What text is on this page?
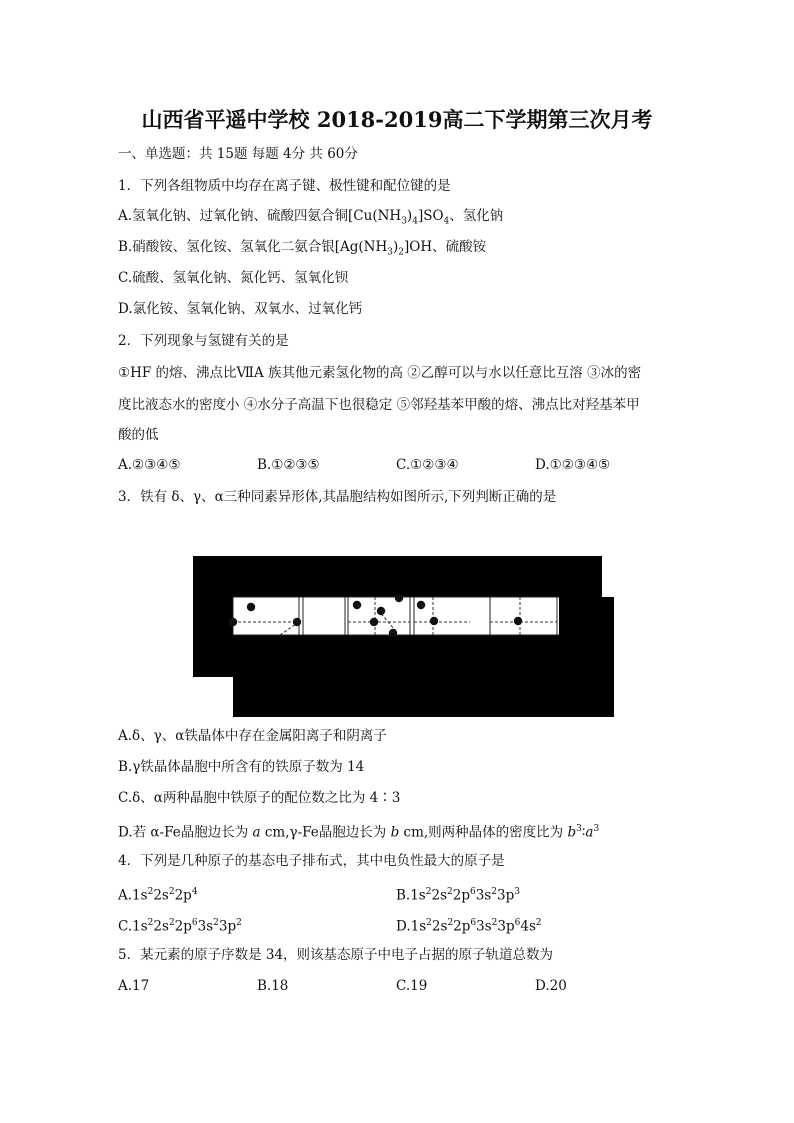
山西省平遥中学校 2018-2019高二下学期第三次月考
一、单选题：共 15题 每题 4分 共 60分
1．下列各组物质中均存在离子键、极性键和配位键的是
A.氢氧化钠、过氧化钠、硫酸四氨合铜$[Cu(NH_3)_4]SO_4$、氢化钠
B.硝酸铵、氢化铵、氢氧化二氨合银$[Ag(NH_3)_2]OH$、硫酸铵
C.硫酸、氢氧化钠、氮化钙、氢氧化钡
D.氯化铵、氢氧化钠、双氧水、过氧化钙
2．下列现象与氢键有关的是
①HF 的熔、沸点比ⅦA 族其他元素氢化物的高 ②乙醇可以与水以任意比互溶 ③冰的密
度比液态水的密度小 ④水分子高温下也很稳定 ⑤邻羟基苯甲酸的熔、沸点比对羟基苯甲
酸的低
A.②③④⑤	B.①②③⑤	C.①②③④	D.①②③④⑤
3．铁有 δ、γ、α三种同素异形体,其晶胞结构如图所示,下列判断正确的是
A.δ、γ、α铁晶体中存在金属阳离子和阴离子
B.γ铁晶体晶胞中所含有的铁原子数为 14
C.δ、α两种晶胞中铁原子的配位数之比为 4∶3
D.若 α-Fe晶胞边长为 a cm,γ-Fe晶胞边长为 b cm,则两种晶体的密度比为 $b^3∶a^3$
4．下列是几种原子的基态电子排布式，其中电负性最大的原子是
$A.1s^22s^22p^4$	$B.1s^22s^22p^63s^23p^3$
$C.1s^22s^22p^63s^23p^2$	$D.1s^22s^22p^63s^23p^64s^2$
5．某元素的原子序数是 34，则该基态原子中电子占据的原子轨道总数为
A.17	B.18	C.19	D.20
